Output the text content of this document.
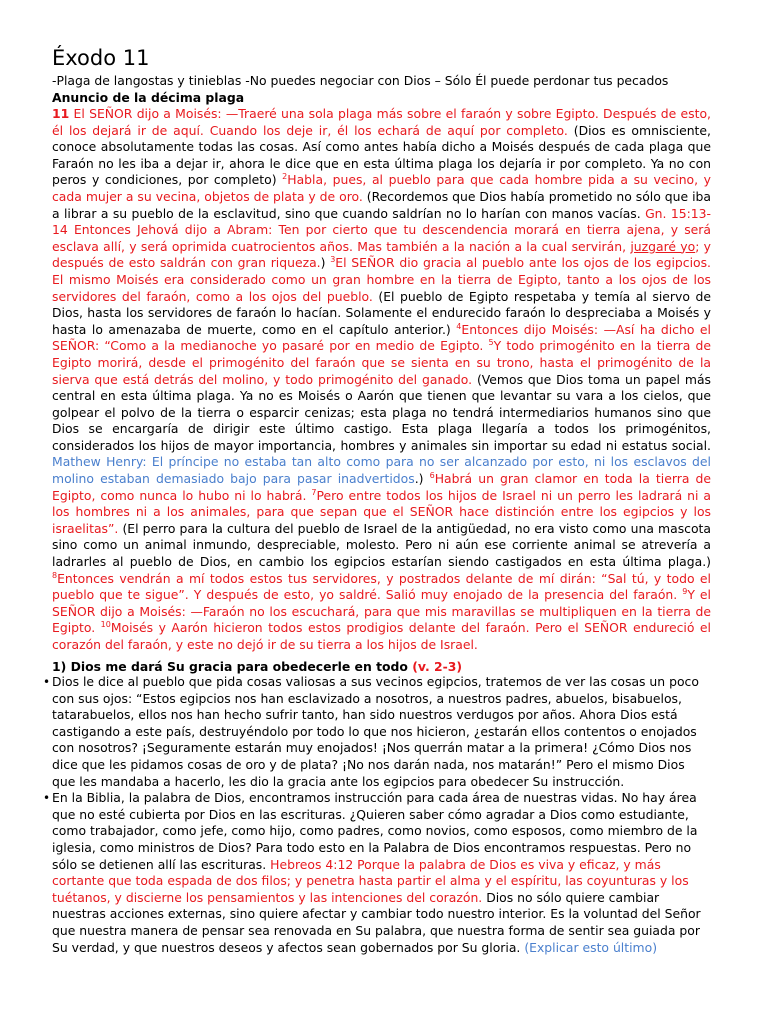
Éxodo 11

-Plaga de langostas y tinieblas -No puedes negociar con Dios – Sólo Él puede perdonar tus pecados

Anuncio de la décima plaga

11 El SEÑOR dijo a Moisés: —Traeré una sola plaga más sobre el faraón y sobre Egipto. Después de esto, él los dejará ir de aquí. Cuando los deje ir, él los echará de aquí por completo. (Dios es omnisciente, conoce absolutamente todas las cosas. Así como antes había dicho a Moisés después de cada plaga que Faraón no les iba a dejar ir, ahora le dice que en esta última plaga los dejaría ir por completo. Ya no con peros y condiciones, por completo) $^2$Habla, pues, al pueblo para que cada hombre pida a su vecino, y cada mujer a su vecina, objetos de plata y de oro. (Recordemos que Dios había prometido no sólo que iba a librar a su pueblo de la esclavitud, sino que cuando saldrían no lo harían con manos vacías. Gn. 15:13-14 Entonces Jehová dijo a Abram: Ten por cierto que tu descendencia morará en tierra ajena, y será esclava allí, y será oprimida cuatrocientos años. Mas también a la nación a la cual servirán, juzgaré yo; y después de esto saldrán con gran riqueza.) $^3$El SEÑOR dio gracia al pueblo ante los ojos de los egipcios. El mismo Moisés era considerado como un gran hombre en la tierra de Egipto, tanto a los ojos de los servidores del faraón, como a los ojos del pueblo. (El pueblo de Egipto respetaba y temía al siervo de Dios, hasta los servidores de faraón lo hacían. Solamente el endurecido faraón lo despreciaba a Moisés y hasta lo amenazaba de muerte, como en el capítulo anterior.) $^4$Entonces dijo Moisés: —Así ha dicho el SEÑOR: “Como a la medianoche yo pasaré por en medio de Egipto. $^5$Y todo primogénito en la tierra de Egipto morirá, desde el primogénito del faraón que se sienta en su trono, hasta el primogénito de la sierva que está detrás del molino, y todo primogénito del ganado. (Vemos que Dios toma un papel más central en esta última plaga. Ya no es Moisés o Aarón que tienen que levantar su vara a los cielos, que golpear el polvo de la tierra o esparcir cenizas; esta plaga no tendrá intermediarios humanos sino que Dios se encargaría de dirigir este último castigo. Esta plaga llegaría a todos los primogénitos, considerados los hijos de mayor importancia, hombres y animales sin importar su edad ni estatus social. Mathew Henry: El príncipe no estaba tan alto como para no ser alcanzado por esto, ni los esclavos del molino estaban demasiado bajo para pasar inadvertidos.) $^6$Habrá un gran clamor en toda la tierra de Egipto, como nunca lo hubo ni lo habrá. $^7$Pero entre todos los hijos de Israel ni un perro les ladrará ni a los hombres ni a los animales, para que sepan que el SEÑOR hace distinción entre los egipcios y los israelitas”. (El perro para la cultura del pueblo de Israel de la antigüedad, no era visto como una mascota sino como un animal inmundo, despreciable, molesto. Pero ni aún ese corriente animal se atrevería a ladrarles al pueblo de Dios, en cambio los egipcios estarían siendo castigados en esta última plaga.) $^8$Entonces vendrán a mí todos estos tus servidores, y postrados delante de mí dirán: “Sal tú, y todo el pueblo que te sigue”. Y después de esto, yo saldré. Salió muy enojado de la presencia del faraón. $^9$Y el SEÑOR dijo a Moisés: —Faraón no los escuchará, para que mis maravillas se multipliquen en la tierra de Egipto. $^{10}$Moisés y Aarón hicieron todos estos prodigios delante del faraón. Pero el SEÑOR endureció el corazón del faraón, y este no dejó ir de su tierra a los hijos de Israel.

1) Dios me dará Su gracia para obedecerle en todo (v. 2-3)

• Dios le dice al pueblo que pida cosas valiosas a sus vecinos egipcios, tratemos de ver las cosas un poco con sus ojos: “Estos egipcios nos han esclavizado a nosotros, a nuestros padres, abuelos, bisabuelos, tatarabuelos, ellos nos han hecho sufrir tanto, han sido nuestros verdugos por años. Ahora Dios está castigando a este país, destruyéndolo por todo lo que nos hicieron, ¿estarán ellos contentos o enojados con nosotros? ¡Seguramente estarán muy enojados! ¡Nos querrán matar a la primera! ¿Cómo Dios nos dice que les pidamos cosas de oro y de plata? ¡No nos darán nada, nos matarán!” Pero el mismo Dios que les mandaba a hacerlo, les dio la gracia ante los egipcios para obedecer Su instrucción.
• En la Biblia, la palabra de Dios, encontramos instrucción para cada área de nuestras vidas. No hay área que no esté cubierta por Dios en las escrituras. ¿Quieren saber cómo agradar a Dios como estudiante, como trabajador, como jefe, como hijo, como padres, como novios, como esposos, como miembro de la iglesia, como ministros de Dios? Para todo esto en la Palabra de Dios encontramos respuestas. Pero no sólo se detienen allí las escrituras. Hebreos 4:12 Porque la palabra de Dios es viva y eficaz, y más cortante que toda espada de dos filos; y penetra hasta partir el alma y el espíritu, las coyunturas y los tuétanos, y discierne los pensamientos y las intenciones del corazón. Dios no sólo quiere cambiar nuestras acciones externas, sino quiere afectar y cambiar todo nuestro interior. Es la voluntad del Señor que nuestra manera de pensar sea renovada en Su palabra, que nuestra forma de sentir sea guiada por Su verdad, y que nuestros deseos y afectos sean gobernados por Su gloria. (Explicar esto último)
